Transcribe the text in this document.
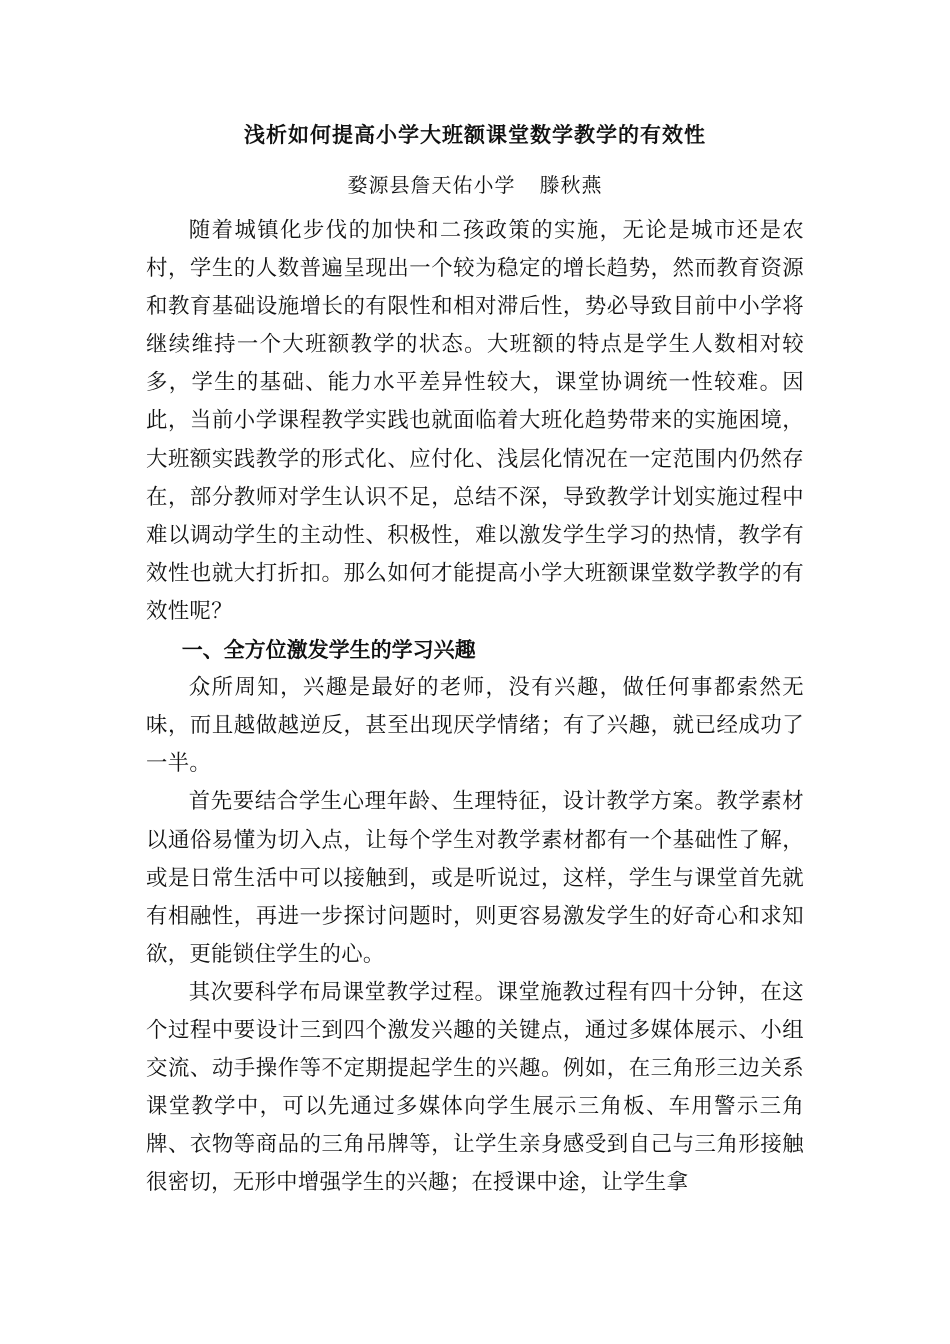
浅析如何提高小学大班额课堂数学教学的有效性
婺源县詹天佑小学 滕秋燕

随着城镇化步伐的加快和二孩政策的实施，无论是城市还是农村，学生的人数普遍呈现出一个较为稳定的增长趋势，然而教育资源和教育基础设施增长的有限性和相对滞后性，势必导致目前中小学将继续维持一个大班额教学的状态。大班额的特点是学生人数相对较多，学生的基础、能力水平差异性较大，课堂协调统一性较难。因此，当前小学课程教学实践也就面临着大班化趋势带来的实施困境，大班额实践教学的形式化、应付化、浅层化情况在一定范围内仍然存在，部分教师对学生认识不足，总结不深，导致教学计划实施过程中难以调动学生的主动性、积极性，难以激发学生学习的热情，教学有效性也就大打折扣。那么如何才能提高小学大班额课堂数学教学的有效性呢？

一、全方位激发学生的学习兴趣

众所周知，兴趣是最好的老师，没有兴趣，做任何事都索然无味，而且越做越逆反，甚至出现厌学情绪；有了兴趣，就已经成功了一半。

首先要结合学生心理年龄、生理特征，设计教学方案。教学素材以通俗易懂为切入点，让每个学生对教学素材都有一个基础性了解，或是日常生活中可以接触到，或是听说过，这样，学生与课堂首先就有相融性，再进一步探讨问题时，则更容易激发学生的好奇心和求知欲，更能锁住学生的心。

其次要科学布局课堂教学过程。课堂施教过程有四十分钟，在这个过程中要设计三到四个激发兴趣的关键点，通过多媒体展示、小组交流、动手操作等不定期提起学生的兴趣。例如，在三角形三边关系课堂教学中，可以先通过多媒体向学生展示三角板、车用警示三角牌、衣物等商品的三角吊牌等，让学生亲身感受到自己与三角形接触很密切，无形中增强学生的兴趣；在授课中途，让学生拿
